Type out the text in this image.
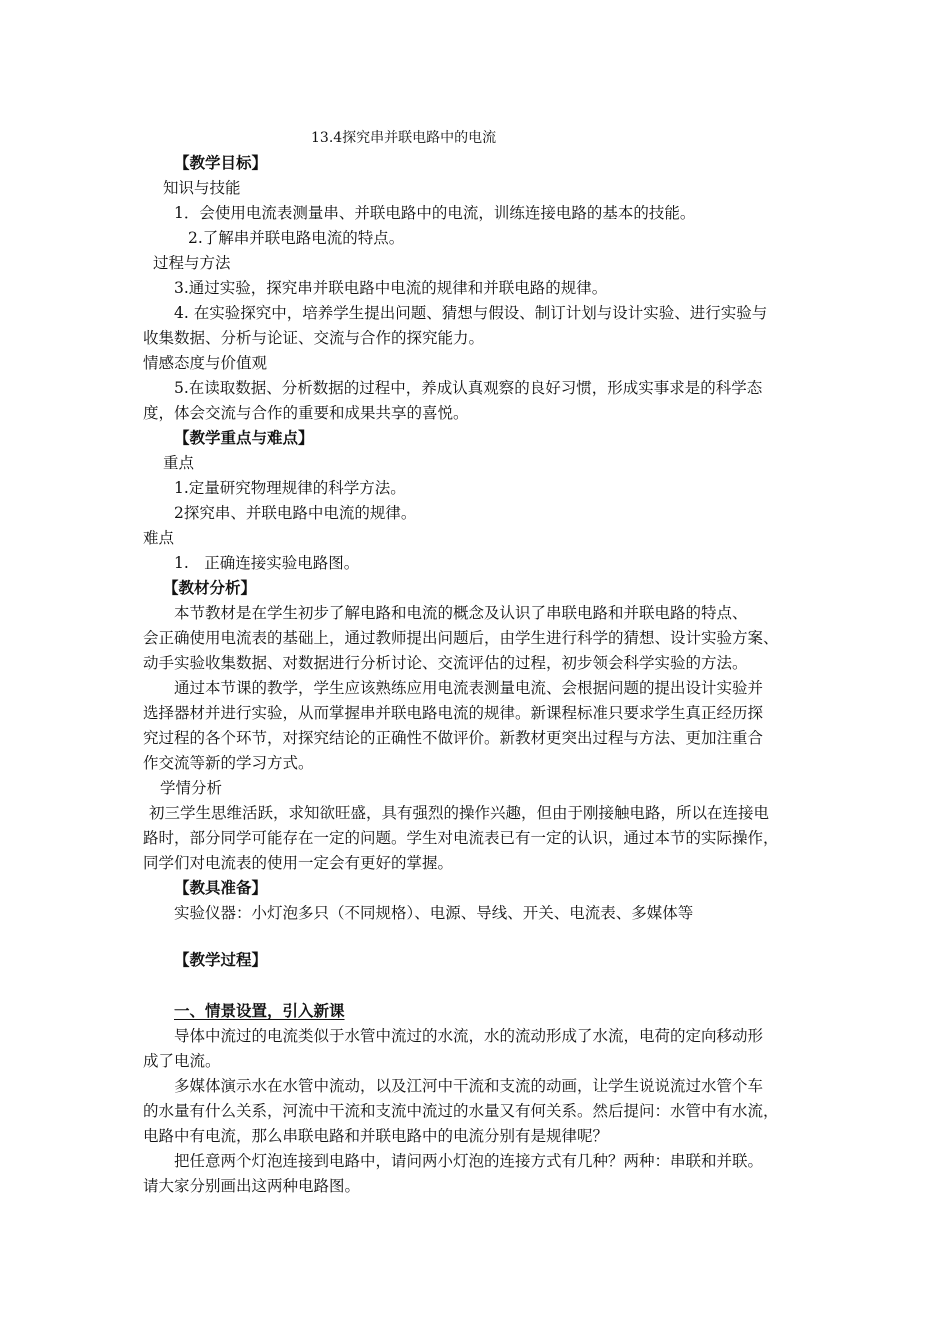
13.4探究串并联电路中的电流
【教学目标】
知识与技能
1．会使用电流表测量串、并联电路中的电流，训练连接电路的基本的技能。
2.了解串并联电路电流的特点。
过程与方法
3.通过实验，探究串并联电路中电流的规律和并联电路的规律。
4. 在实验探究中，培养学生提出问题、猜想与假设、制订计划与设计实验、进行实验与
收集数据、分析与论证、交流与合作的探究能力。
情感态度与价值观
5.在读取数据、分析数据的过程中，养成认真观察的良好习惯，形成实事求是的科学态
度，体会交流与合作的重要和成果共享的喜悦。
【教学重点与难点】
重点
1.定量研究物理规律的科学方法。
2探究串、并联电路中电流的规律。
难点
1.　正确连接实验电路图。
【教材分析】
本节教材是在学生初步了解电路和电流的概念及认识了串联电路和并联电路的特点、
会正确使用电流表的基础上，通过教师提出问题后，由学生进行科学的猜想、设计实验方案、
动手实验收集数据、对数据进行分析讨论、交流评估的过程，初步领会科学实验的方法。
通过本节课的教学，学生应该熟练应用电流表测量电流、会根据问题的提出设计实验并
选择器材并进行实验，从而掌握串并联电路电流的规律。新课程标准只要求学生真正经历探
究过程的各个环节，对探究结论的正确性不做评价。新教材更突出过程与方法、更加注重合
作交流等新的学习方式。
学情分析
初三学生思维活跃，求知欲旺盛，具有强烈的操作兴趣，但由于刚接触电路，所以在连接电
路时，部分同学可能存在一定的问题。学生对电流表已有一定的认识，通过本节的实际操作，
同学们对电流表的使用一定会有更好的掌握。
【教具准备】
实验仪器：小灯泡多只（不同规格）、电源、导线、开关、电流表、多媒体等
【教学过程】
一、情景设置，引入新课
导体中流过的电流类似于水管中流过的水流，水的流动形成了水流，电荷的定向移动形
成了电流。
多媒体演示水在水管中流动，以及江河中干流和支流的动画，让学生说说流过水管个车
的水量有什么关系，河流中干流和支流中流过的水量又有何关系。然后提问：水管中有水流，
电路中有电流，那么串联电路和并联电路中的电流分别有是规律呢？
把任意两个灯泡连接到电路中，请问两小灯泡的连接方式有几种？两种：串联和并联。
请大家分别画出这两种电路图。
